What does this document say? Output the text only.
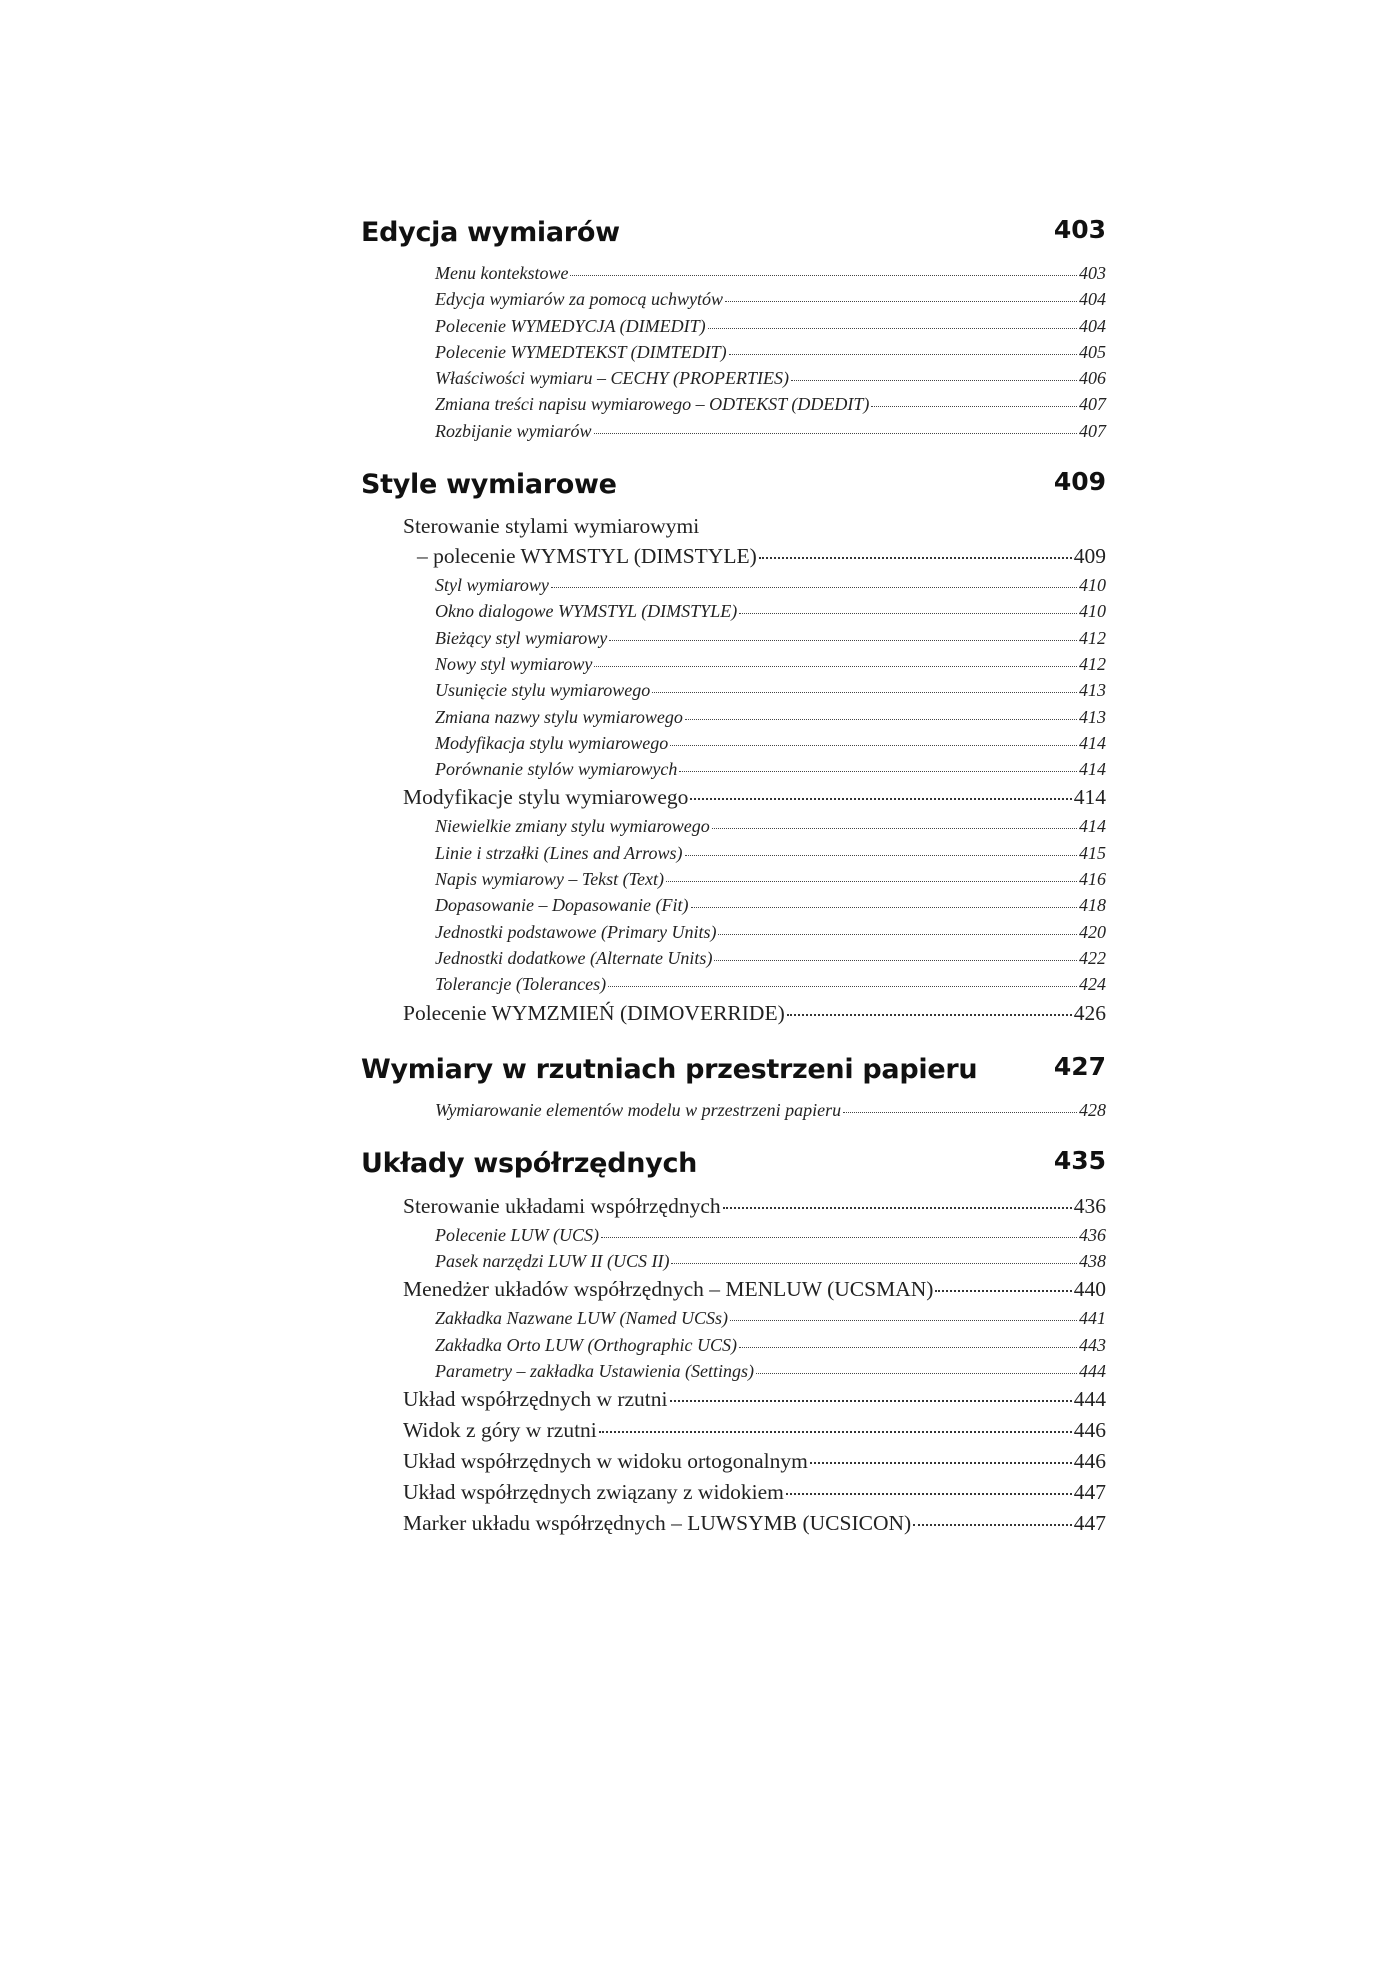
Edycja wymiarów	403
Menu kontekstowe	403
Edycja wymiarów za pomocą uchwytów	404
Polecenie WYMEDYCJA (DIMEDIT)	404
Polecenie WYMEDTEKST (DIMTEDIT)	405
Właściwości wymiaru – CECHY (PROPERTIES)	406
Zmiana treści napisu wymiarowego – ODTEKST (DDEDIT)	407
Rozbijanie wymiarów	407
Style wymiarowe	409
Sterowanie stylami wymiarowymi
– polecenie WYMSTYL (DIMSTYLE)	409
Styl wymiarowy	410
Okno dialogowe WYMSTYL (DIMSTYLE)	410
Bieżący styl wymiarowy	412
Nowy styl wymiarowy	412
Usunięcie stylu wymiarowego	413
Zmiana nazwy stylu wymiarowego	413
Modyfikacja stylu wymiarowego	414
Porównanie stylów wymiarowych	414
Modyfikacje stylu wymiarowego	414
Niewielkie zmiany stylu wymiarowego	414
Linie i strzałki (Lines and Arrows)	415
Napis wymiarowy – Tekst (Text)	416
Dopasowanie – Dopasowanie (Fit)	418
Jednostki podstawowe (Primary Units)	420
Jednostki dodatkowe (Alternate Units)	422
Tolerancje (Tolerances)	424
Polecenie WYMZMIEŃ (DIMOVERRIDE)	426
Wymiary w rzutniach przestrzeni papieru	427
Wymiarowanie elementów modelu w przestrzeni papieru	428
Układy współrzędnych	435
Sterowanie układami współrzędnych	436
Polecenie LUW (UCS)	436
Pasek narzędzi LUW II (UCS II)	438
Menedżer układów współrzędnych – MENLUW (UCSMAN)	440
Zakładka Nazwane LUW (Named UCSs)	441
Zakładka Orto LUW (Orthographic UCS)	443
Parametry – zakładka Ustawienia (Settings)	444
Układ współrzędnych w rzutni	444
Widok z góry w rzutni	446
Układ współrzędnych w widoku ortogonalnym	446
Układ współrzędnych związany z widokiem	447
Marker układu współrzędnych – LUWSYMB (UCSICON)	447
